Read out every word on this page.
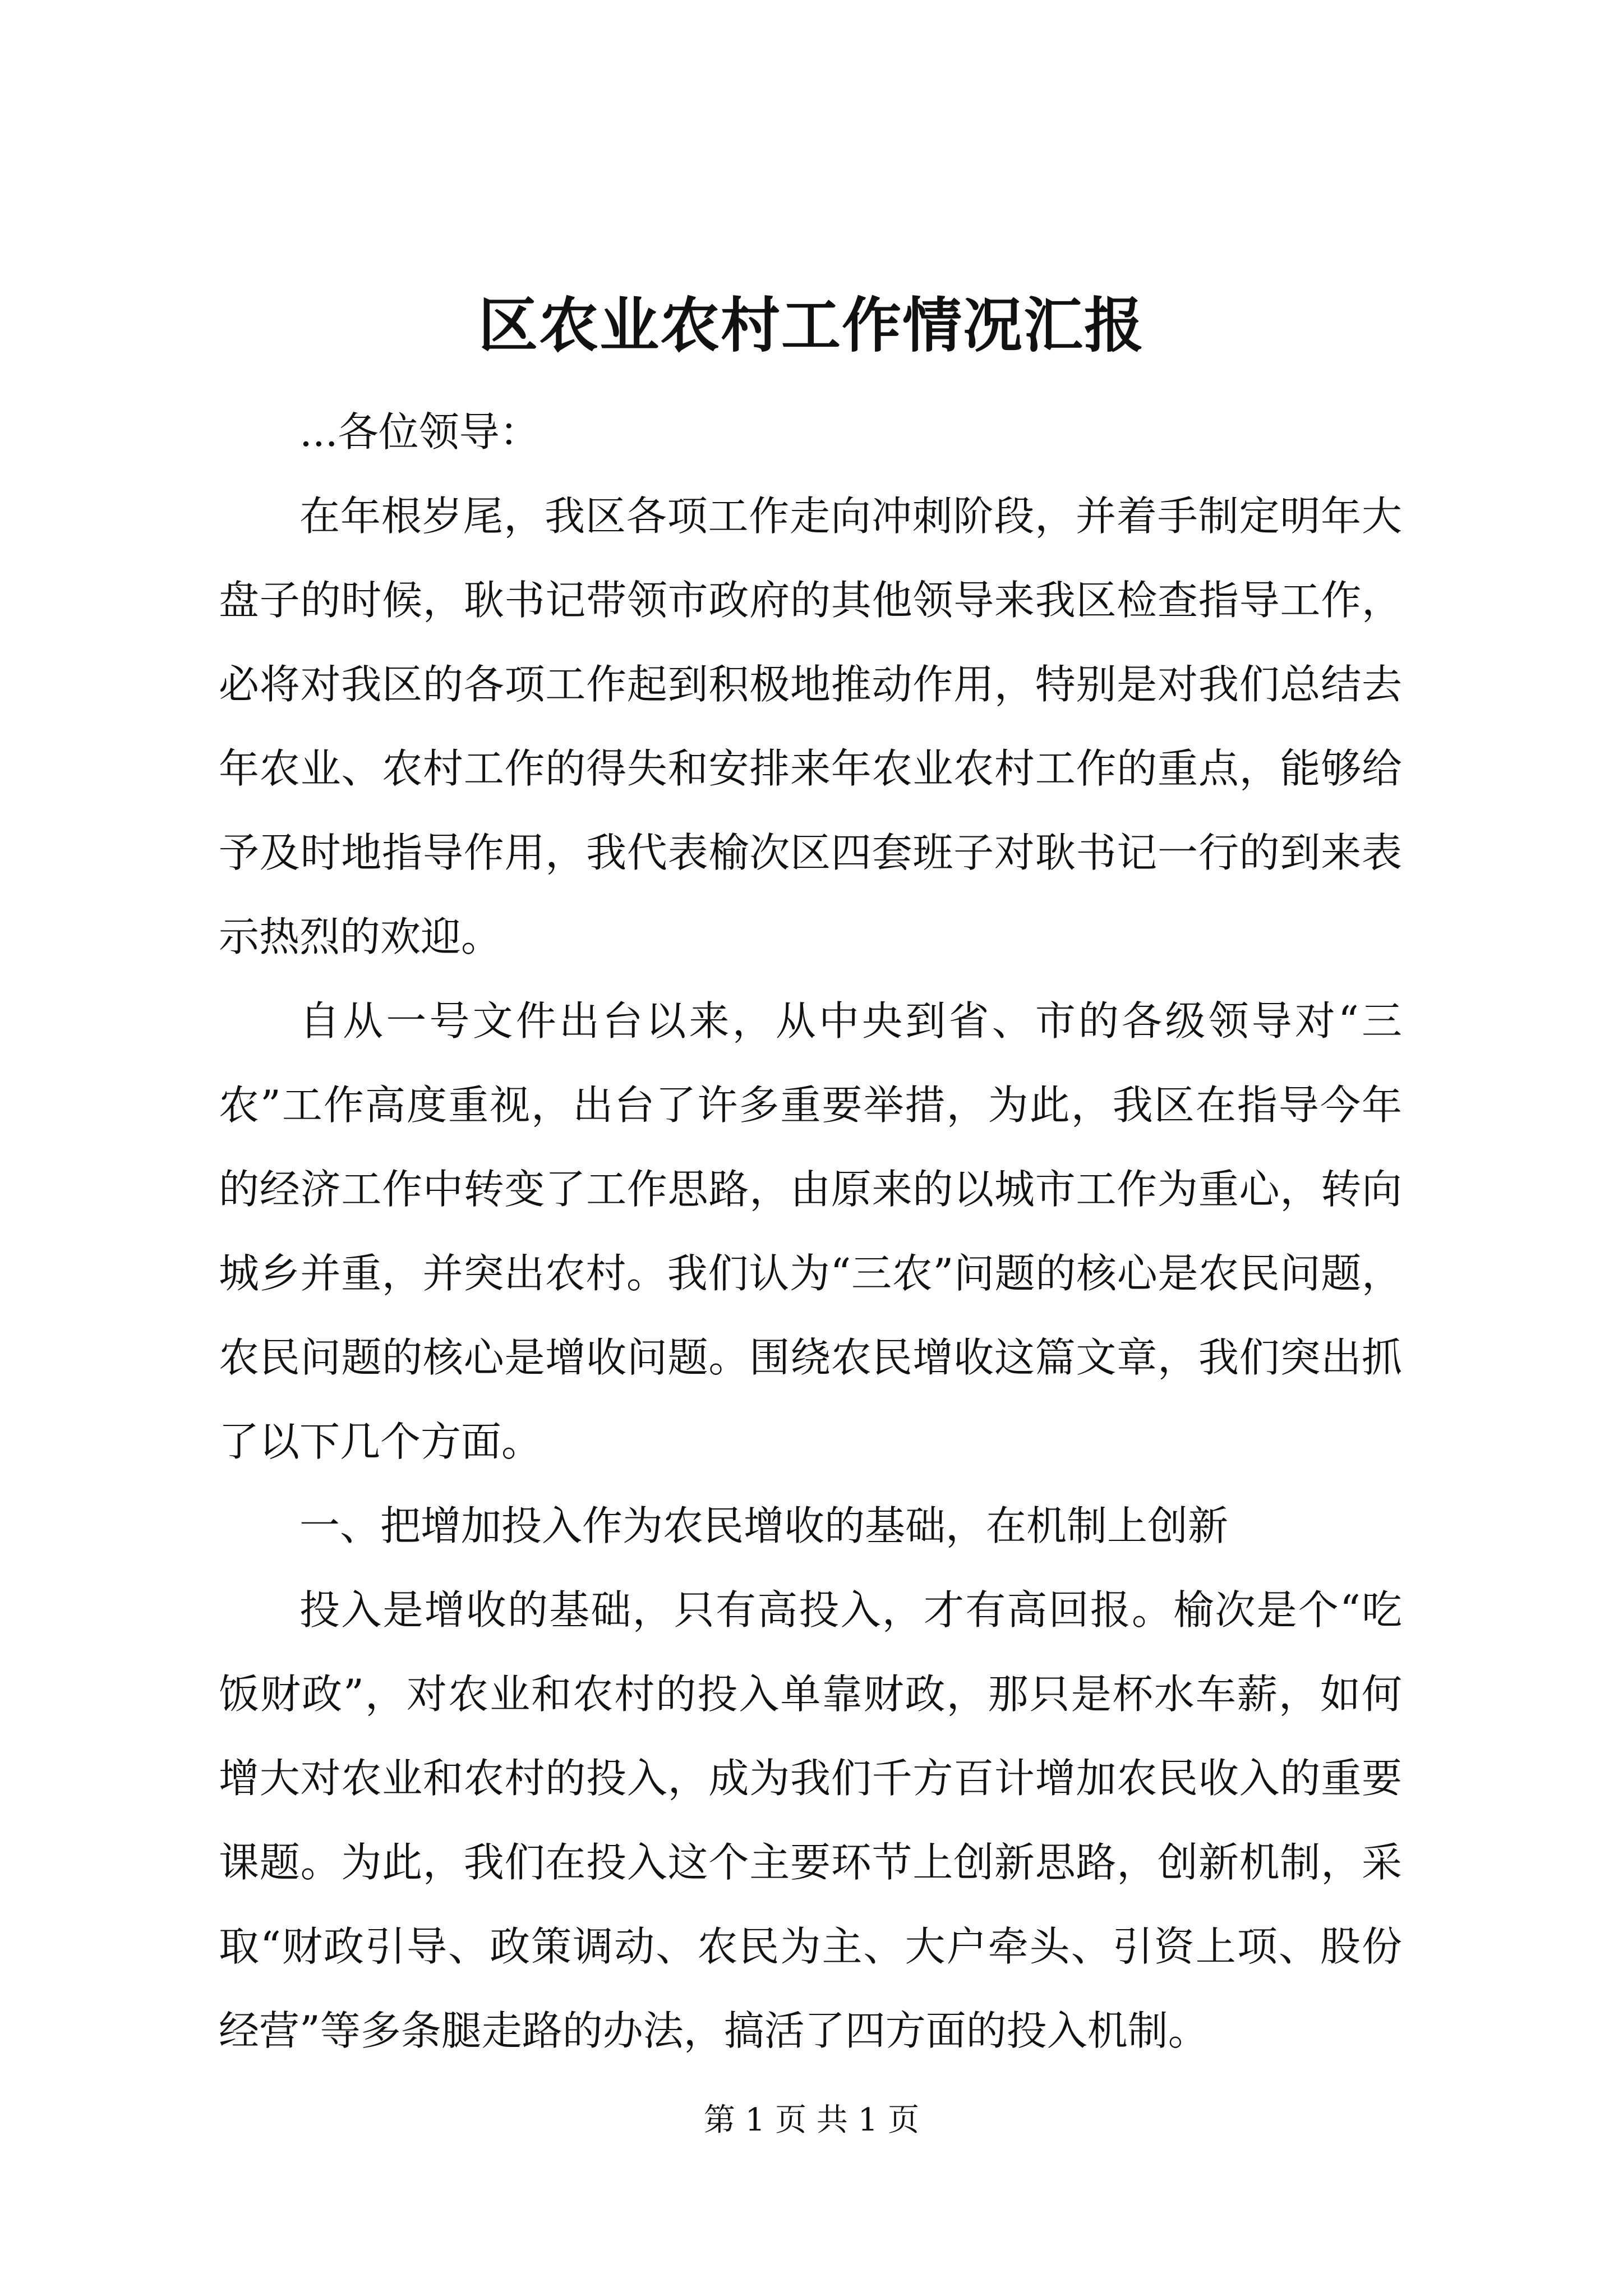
区农业农村工作情况汇报

...各位领导：

在年根岁尾，我区各项工作走向冲刺阶段，并着手制定明年大盘子的时候，耿书记带领市政府的其他领导来我区检查指导工作，必将对我区的各项工作起到积极地推动作用，特别是对我们总结去年农业、农村工作的得失和安排来年农业农村工作的重点，能够给予及时地指导作用，我代表榆次区四套班子对耿书记一行的到来表示热烈的欢迎。

自从一号文件出台以来，从中央到省、市的各级领导对“三农”工作高度重视，出台了许多重要举措，为此，我区在指导今年的经济工作中转变了工作思路，由原来的以城市工作为重心，转向城乡并重，并突出农村。我们认为“三农”问题的核心是农民问题，农民问题的核心是增收问题。围绕农民增收这篇文章，我们突出抓了以下几个方面。

一、把增加投入作为农民增收的基础，在机制上创新

投入是增收的基础，只有高投入，才有高回报。榆次是个“吃饭财政”，对农业和农村的投入单靠财政，那只是杯水车薪，如何增大对农业和农村的投入，成为我们千方百计增加农民收入的重要课题。为此，我们在投入这个主要环节上创新思路，创新机制，采取“财政引导、政策调动、农民为主、大户牵头、引资上项、股份经营”等多条腿走路的办法，搞活了四方面的投入机制。

第 1 页 共 1 页
